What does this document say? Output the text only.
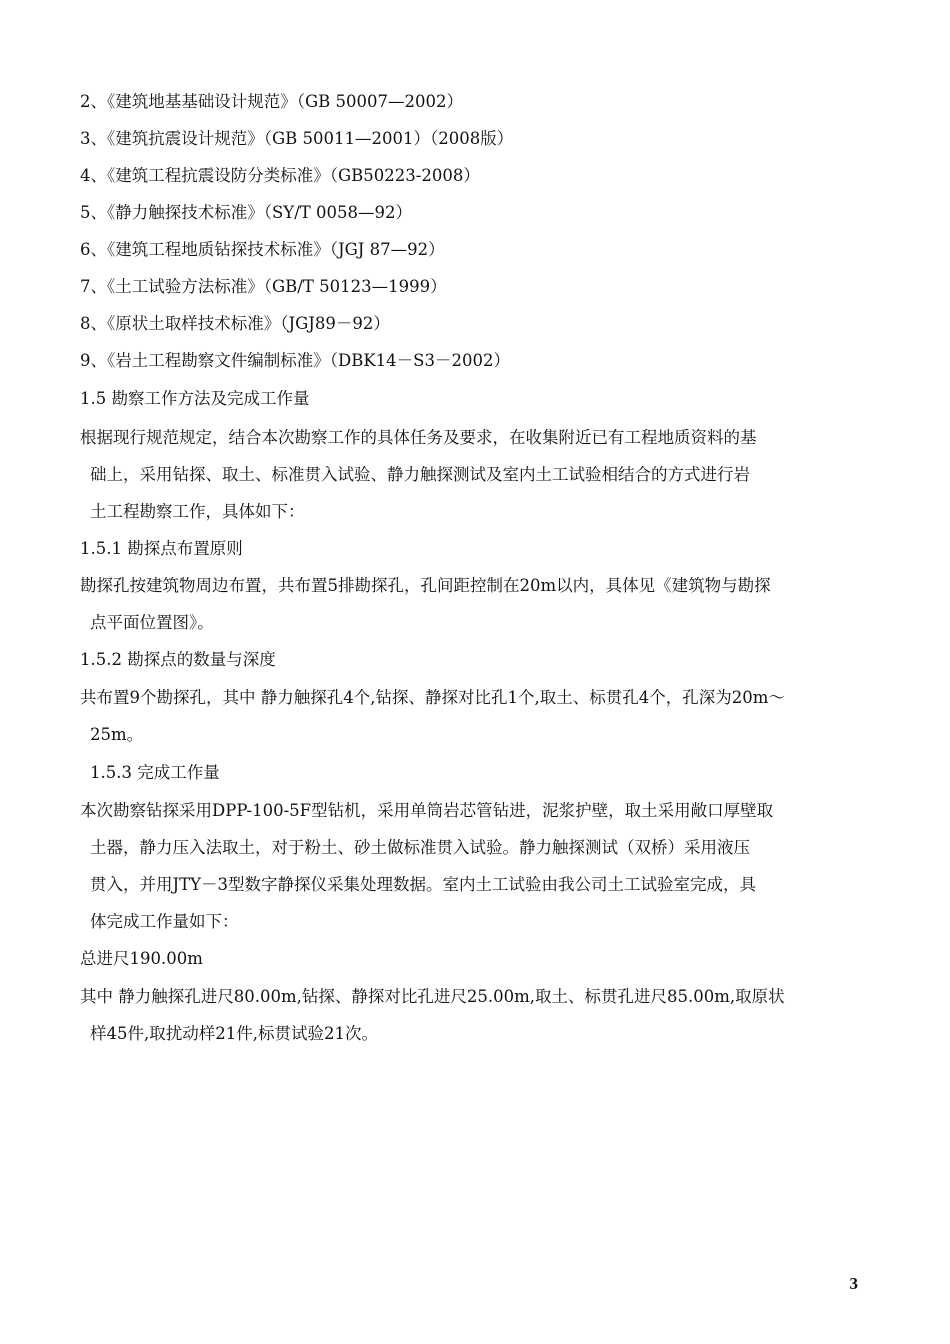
2、《建筑地基基础设计规范》（GB 50007—2002）
3、《建筑抗震设计规范》（GB 50011—2001）（2008版）
4、《建筑工程抗震设防分类标准》（GB50223-2008）
5、《静力触探技术标准》（SY/T 0058—92）
6、《建筑工程地质钻探技术标准》（JGJ 87—92）
7、《土工试验方法标准》（GB/T 50123—1999）
8、《原状土取样技术标准》（JGJ89－92）
9、《岩土工程勘察文件编制标准》（DBK14－S3－2002）
1.5 勘察工作方法及完成工作量
根据现行规范规定，结合本次勘察工作的具体任务及要求，在收集附近已有工程地质资料的基
础上，采用钻探、取土、标准贯入试验、静力触探测试及室内土工试验相结合的方式进行岩
土工程勘察工作，具体如下：
1.5.1 勘探点布置原则
勘探孔按建筑物周边布置，共布置5排勘探孔，孔间距控制在20m以内，具体见《建筑物与勘探
点平面位置图》。
1.5.2 勘探点的数量与深度
共布置9个勘探孔，其中 静力触探孔4个,钻探、静探对比孔1个,取土、标贯孔4个，孔深为20m～
25m。
1.5.3 完成工作量
本次勘察钻探采用DPP-100-5F型钻机，采用单筒岩芯管钻进，泥浆护壁，取土采用敞口厚壁取
土器，静力压入法取土，对于粉土、砂土做标准贯入试验。静力触探测试（双桥）采用液压
贯入，并用JTY－3型数字静探仪采集处理数据。室内土工试验由我公司土工试验室完成，具
体完成工作量如下：
总进尺190.00m
其中 静力触探孔进尺80.00m,钻探、静探对比孔进尺25.00m,取土、标贯孔进尺85.00m,取原状
样45件,取扰动样21件,标贯试验21次。
3
